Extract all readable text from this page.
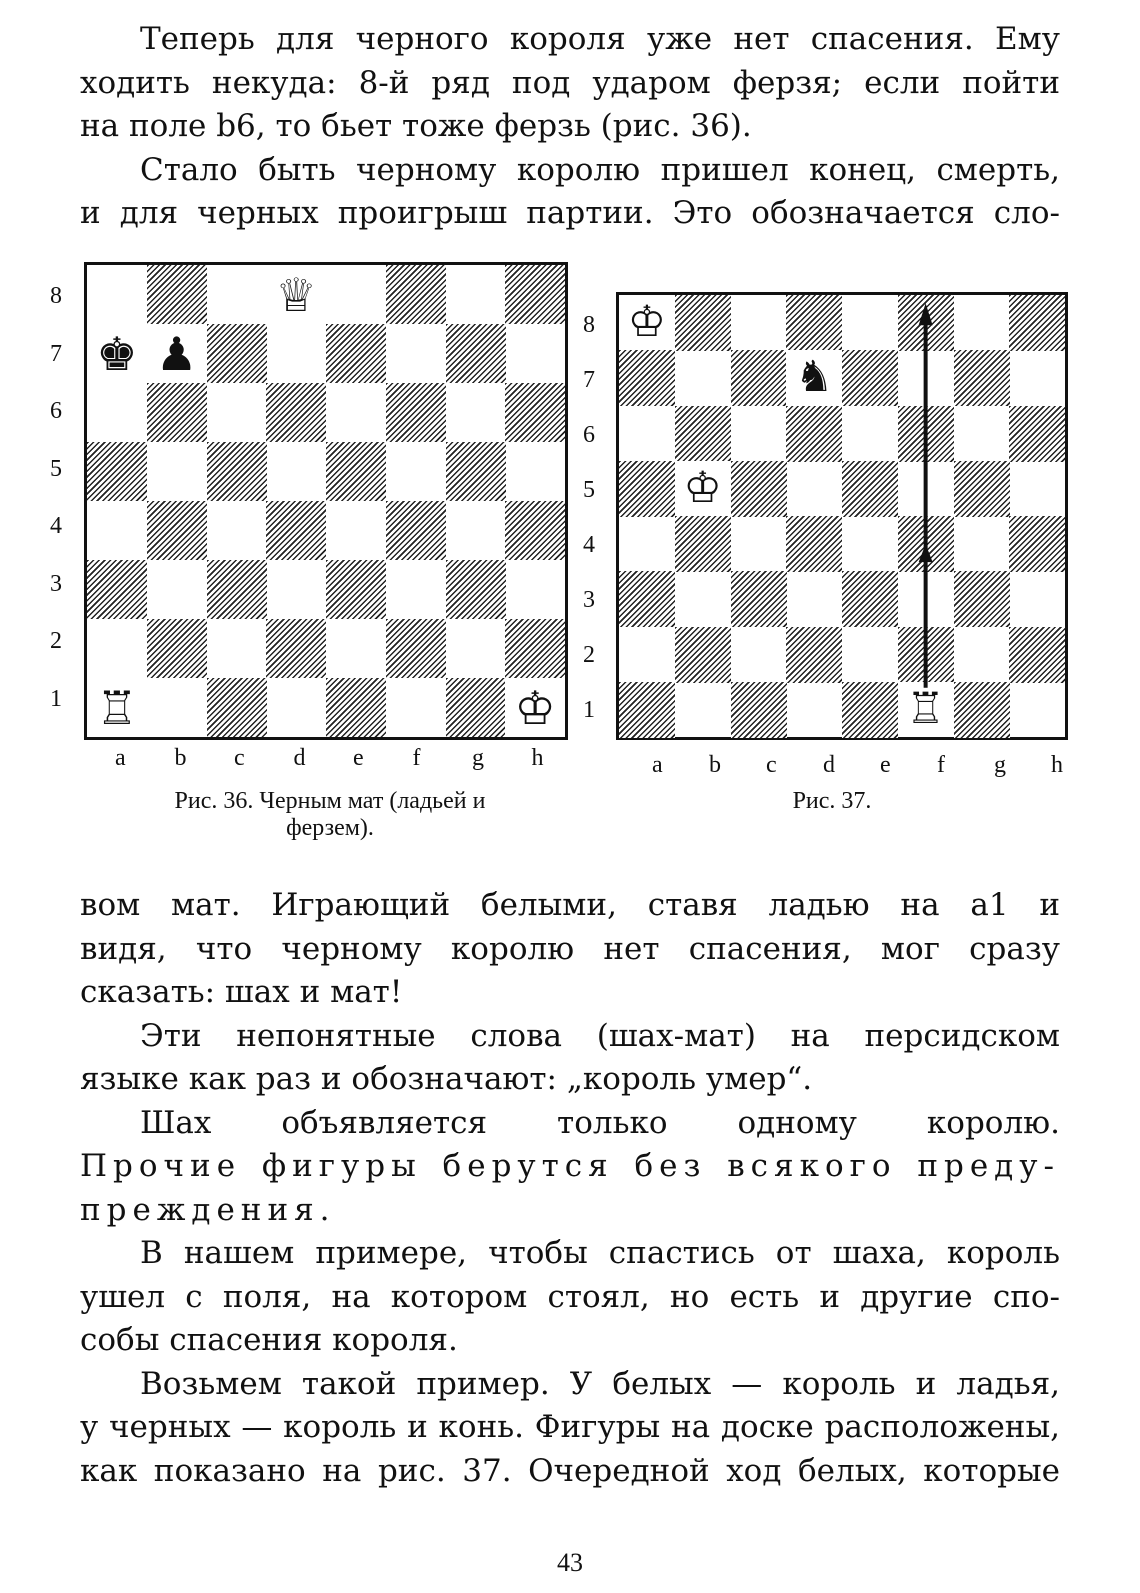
Теперь для черного короля уже нет спасения. Ему
ходить некуда: 8-й ряд под ударом ферзя; если пойти
на поле b6, то бьет тоже ферзь (рис. 36).
Стало быть черному королю пришел конец, смерть,
и для черных проигрыш партии. Это обозначается сло-
8
7
6
5
4
3
2
1
♚ ♟
♕
♖	♔
a b c d e f g h
Рис. 36. Черным мат (ладьей и
ферзем).
8
7
6
5
4
3
2
1
♔
♞
♔
♖
a b c d e f g h
Рис. 37.
вом мат. Играющий белыми, ставя ладью на a1 и
видя, что черному королю нет спасения, мог сразу
сказать: шах и мат!
Эти непонятные слова (шах-мат) на персидском
языке как раз и обозначают: „король умер“.
Шах объявляется только одному королю.
Прочие фигуры берутся без всякого преду-
преждения.
В нашем примере, чтобы спастись от шаха, король
ушел с поля, на котором стоял, но есть и другие спо-
собы спасения короля.
Возьмем такой пример. У белых — король и ладья,
у черных — король и конь. Фигуры на доске расположены,
как показано на рис. 37. Очередной ход белых, которые
43
